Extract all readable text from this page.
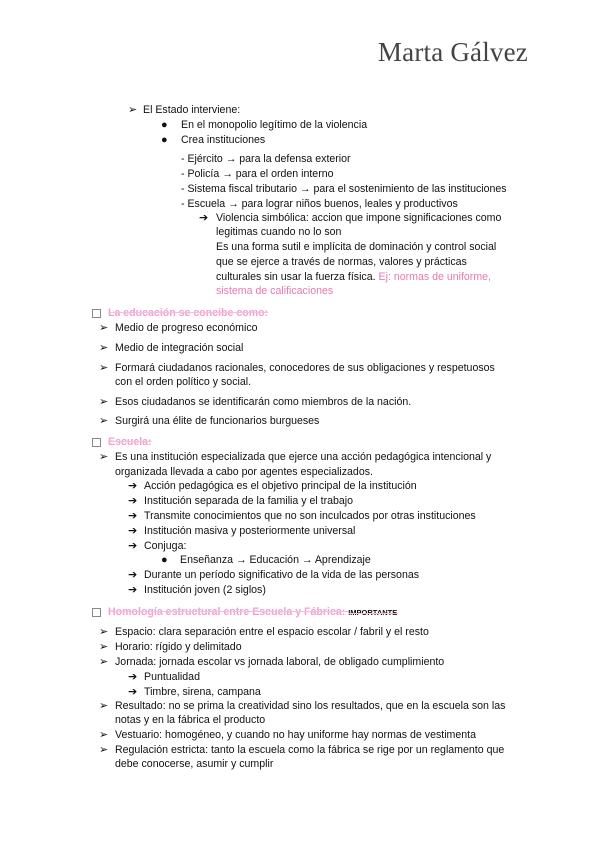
Marta Gálvez
➢ El Estado interviene:
● En el monopolio legítimo de la violencia
● Crea instituciones
- Ejército → para la defensa exterior
- Policía → para el orden interno
- Sistema fiscal tributario → para el sostenimiento de las instituciones
- Escuela → para lograr niños buenos, leales y productivos
➔ Violencia simbólica: accion que impone significaciones como
legitimas cuando no lo son
Es una forma sutil e implícita de dominación y control social
que se ejerce a través de normas, valores y prácticas
culturales sin usar la fuerza física. Ej: normas de uniforme,
sistema de calificaciones
La educación se concibe como:
➢ Medio de progreso económico
➢ Medio de integración social
➢ Formará ciudadanos racionales, conocedores de sus obligaciones y respetuosos
con el orden político y social.
➢ Esos ciudadanos se identificarán como miembros de la nación.
➢ Surgirá una élite de funcionarios burgueses
Escuela:
➢ Es una institución especializada que ejerce una acción pedagógica intencional y
organizada llevada a cabo por agentes especializados.
➔ Acción pedagógica es el objetivo principal de la institución
➔ Institución separada de la familia y el trabajo
➔ Transmite conocimientos que no son inculcados por otras instituciones
➔ Institución masiva y posteriormente universal
➔ Conjuga:
● Enseñanza → Educación → Aprendizaje
➔ Durante un período significativo de la vida de las personas
➔ Institución joven (2 siglos)
Homología estructural entre Escuela y Fábrica: IMPORTANTE
➢ Espacio: clara separación entre el espacio escolar / fabril y el resto
➢ Horario: rígido y delimitado
➢ Jornada: jornada escolar vs jornada laboral, de obligado cumplimiento
➔ Puntualidad
➔ Timbre, sirena, campana
➢ Resultado: no se prima la creatividad sino los resultados, que en la escuela son las
notas y en la fábrica el producto
➢ Vestuario: homogéneo, y cuando no hay uniforme hay normas de vestimenta
➢ Regulación estricta: tanto la escuela como la fábrica se rige por un reglamento que
debe conocerse, asumir y cumplir
